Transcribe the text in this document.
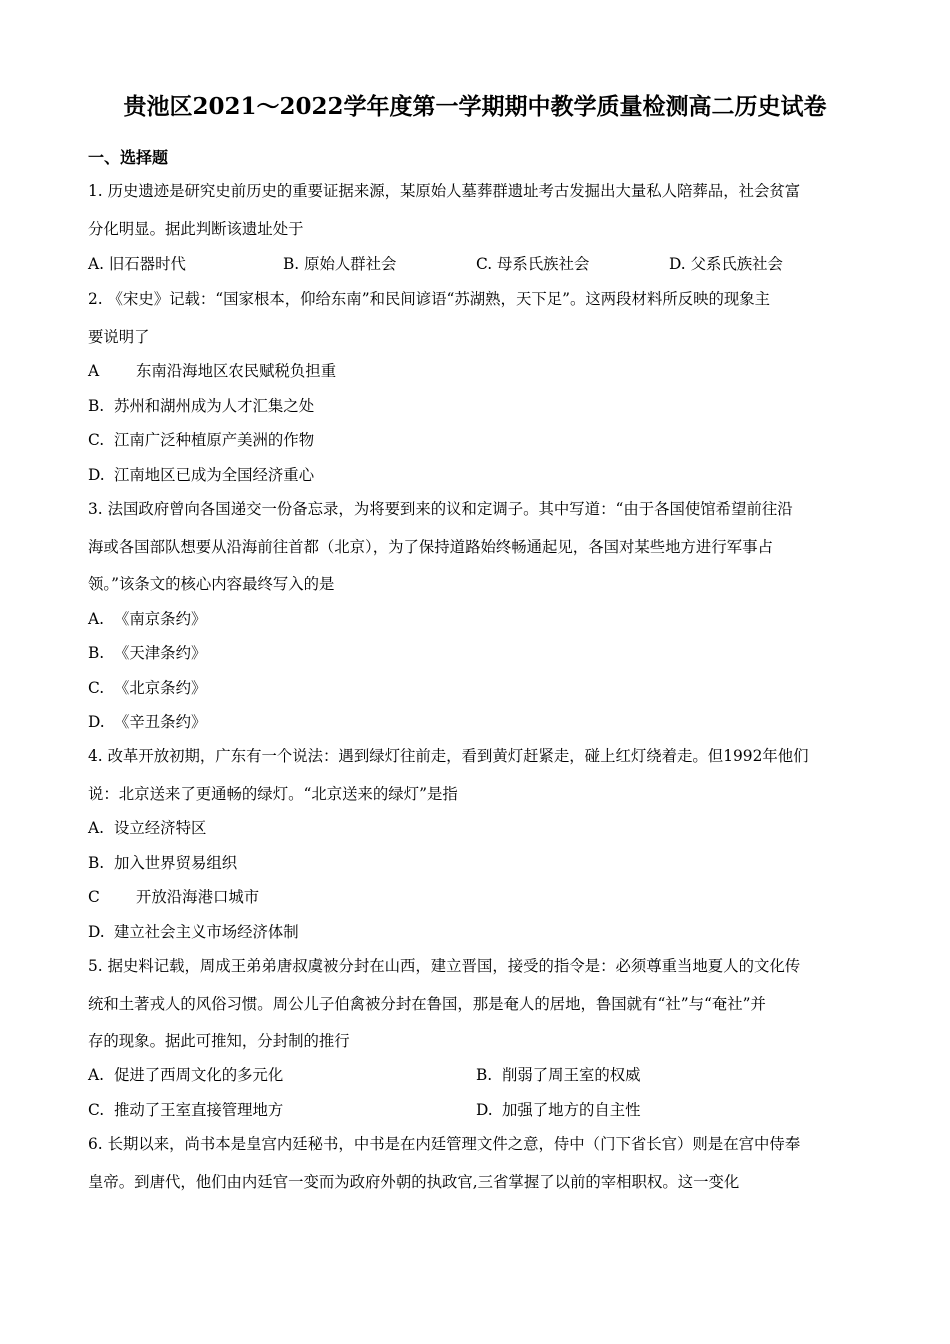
贵池区2021～2022学年度第一学期期中教学质量检测高二历史试卷
一、选择题
1. 历史遗迹是研究史前历史的重要证据来源，某原始人墓葬群遗址考古发掘出大量私人陪葬品，社会贫富
分化明显。据此判断该遗址处于
A. 旧石器时代	B. 原始人群社会	C. 母系氏族社会	D. 父系氏族社会
2. 《宋史》记载：“国家根本，仰给东南”和民间谚语“苏湖熟，天下足”。这两段材料所反映的现象主
要说明了
A 东南沿海地区农民赋税负担重
B. 苏州和湖州成为人才汇集之处
C. 江南广泛种植原产美洲的作物
D. 江南地区已成为全国经济重心
3. 法国政府曾向各国递交一份备忘录，为将要到来的议和定调子。其中写道：“由于各国使馆希望前往沿
海或各国部队想要从沿海前往首都（北京），为了保持道路始终畅通起见，各国对某些地方进行军事占
领。”该条文的核心内容最终写入的是
A. 《南京条约》
B. 《天津条约》
C. 《北京条约》
D. 《辛丑条约》
4. 改革开放初期，广东有一个说法：遇到绿灯往前走，看到黄灯赶紧走，碰上红灯绕着走。但1992年他们
说：北京送来了更通畅的绿灯。“北京送来的绿灯”是指
A. 设立经济特区
B. 加入世界贸易组织
C 开放沿海港口城市
D. 建立社会主义市场经济体制
5. 据史料记载，周成王弟弟唐叔虞被分封在山西，建立晋国，接受的指令是：必须尊重当地夏人的文化传
统和土著戎人的风俗习惯。周公儿子伯禽被分封在鲁国，那是奄人的居地，鲁国就有“社”与“奄社”并
存的现象。据此可推知，分封制的推行
A. 促进了西周文化的多元化	B. 削弱了周王室的权威
C. 推动了王室直接管理地方	D. 加强了地方的自主性
6. 长期以来，尚书本是皇宫内廷秘书，中书是在内廷管理文件之意，侍中（门下省长官）则是在宫中侍奉
皇帝。到唐代，他们由内廷官一变而为政府外朝的执政官,三省掌握了以前的宰相职权。这一变化
